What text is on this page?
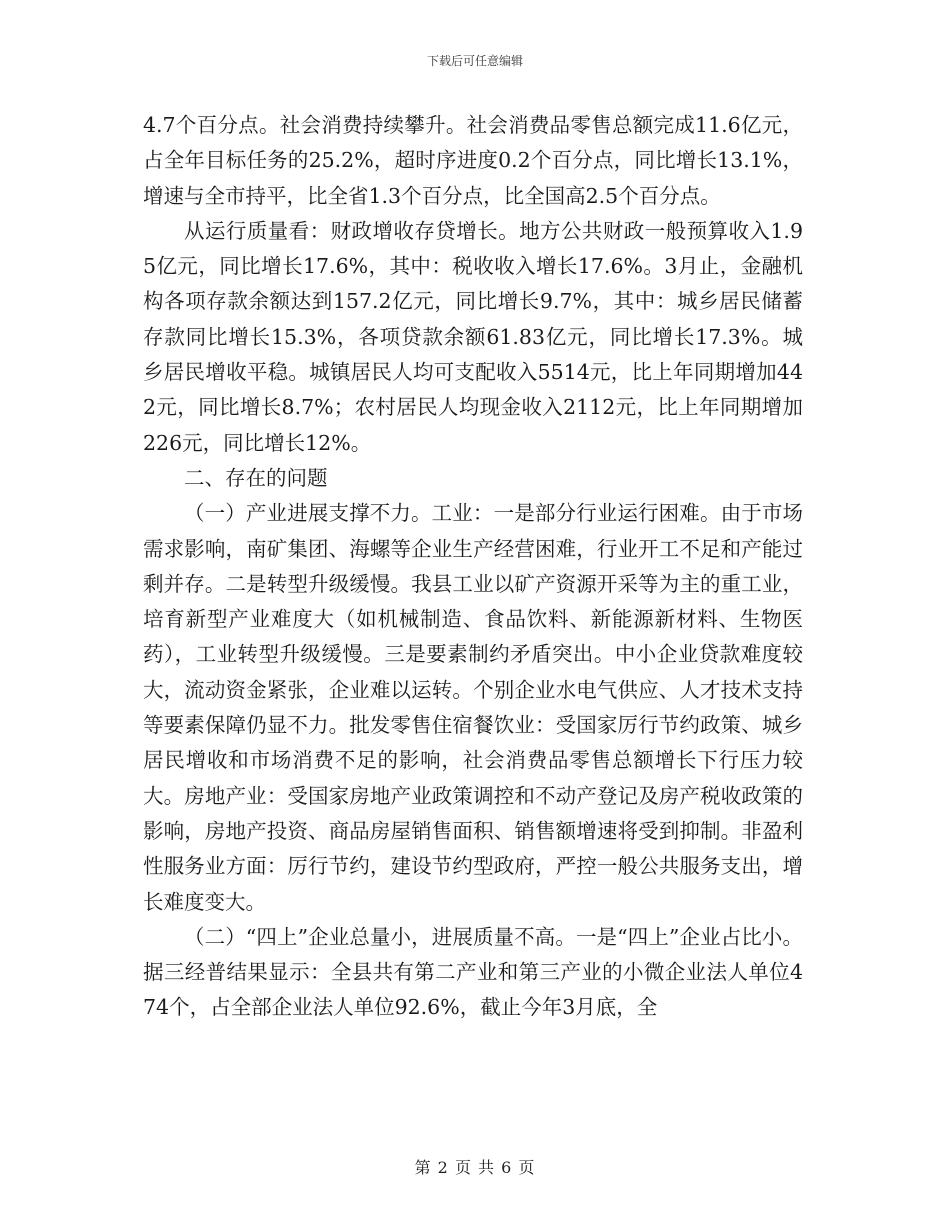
下载后可任意编辑

4.7个百分点。社会消费持续攀升。社会消费品零售总额完成11.6亿元，占全年目标任务的25.2%，超时序进度0.2个百分点，同比增长13.1%，增速与全市持平，比全省1.3个百分点，比全国高2.5个百分点。

从运行质量看：财政增收存贷增长。地方公共财政一般预算收入1.95亿元，同比增长17.6%，其中：税收收入增长17.6%。3月止，金融机构各项存款余额达到157.2亿元，同比增长9.7%，其中：城乡居民储蓄存款同比增长15.3%，各项贷款余额61.83亿元，同比增长17.3%。城乡居民增收平稳。城镇居民人均可支配收入5514元，比上年同期增加442元，同比增长8.7%；农村居民人均现金收入2112元，比上年同期增加226元，同比增长12%。

二、存在的问题

（一）产业进展支撑不力。工业：一是部分行业运行困难。由于市场需求影响，南矿集团、海螺等企业生产经营困难，行业开工不足和产能过剩并存。二是转型升级缓慢。我县工业以矿产资源开采等为主的重工业，培育新型产业难度大（如机械制造、食品饮料、新能源新材料、生物医药），工业转型升级缓慢。三是要素制约矛盾突出。中小企业贷款难度较大，流动资金紧张，企业难以运转。个别企业水电气供应、人才技术支持等要素保障仍显不力。批发零售住宿餐饮业：受国家厉行节约政策、城乡居民增收和市场消费不足的影响，社会消费品零售总额增长下行压力较大。房地产业：受国家房地产业政策调控和不动产登记及房产税收政策的影响，房地产投资、商品房屋销售面积、销售额增速将受到抑制。非盈利性服务业方面：厉行节约，建设节约型政府，严控一般公共服务支出，增长难度变大。

（二）“四上”企业总量小，进展质量不高。一是“四上”企业占比小。据三经普结果显示：全县共有第二产业和第三产业的小微企业法人单位474个，占全部企业法人单位92.6%，截止今年3月底，全

第 2 页 共 6 页
